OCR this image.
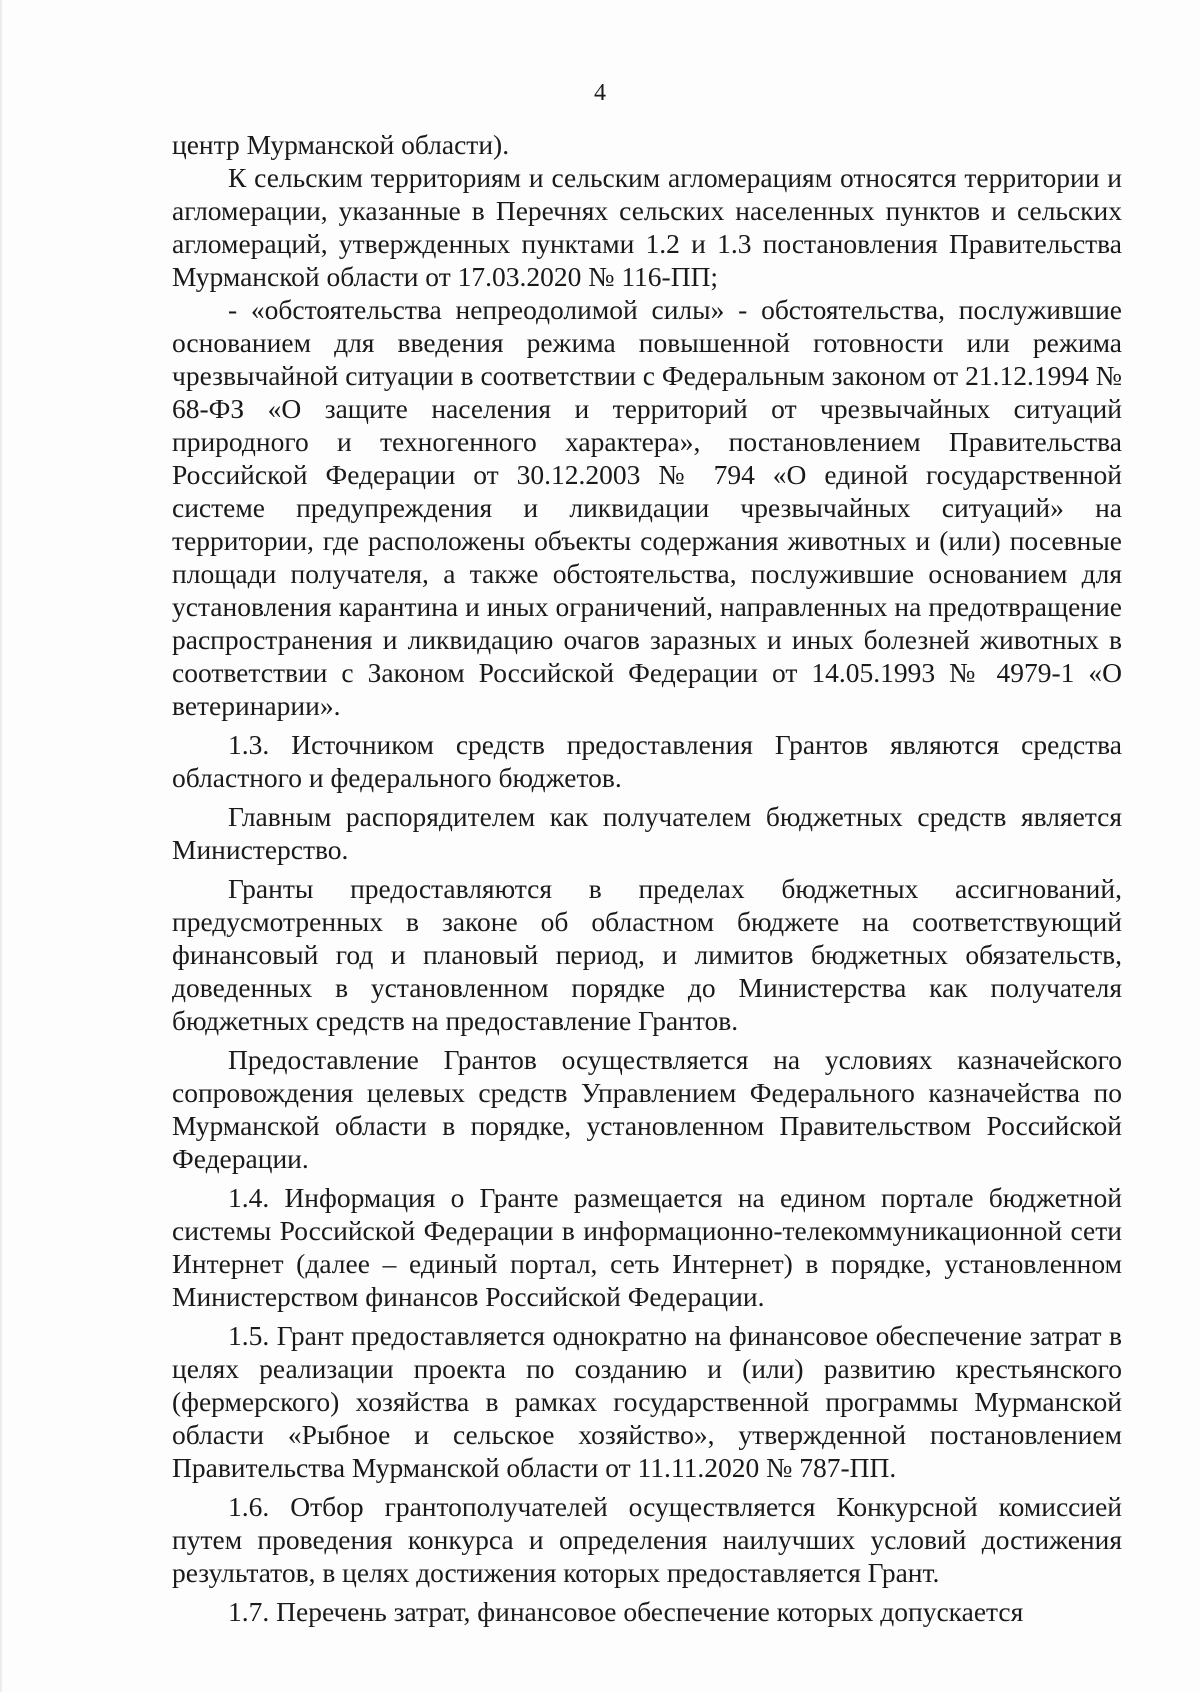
4

центр Мурманской области).

К сельским территориям и сельским агломерациям относятся территории и агломерации, указанные в Перечнях сельских населенных пунктов и сельских агломераций, утвержденных пунктами 1.2 и 1.3 постановления Правительства Мурманской области от 17.03.2020 № 116-ПП;

- «обстоятельства непреодолимой силы» - обстоятельства, послужившие основанием для введения режима повышенной готовности или режима чрезвычайной ситуации в соответствии с Федеральным законом от 21.12.1994 № 68-ФЗ «О защите населения и территорий от чрезвычайных ситуаций природного и техногенного характера», постановлением Правительства Российской Федерации от 30.12.2003 № 794 «О единой государственной системе предупреждения и ликвидации чрезвычайных ситуаций» на территории, где расположены объекты содержания животных и (или) посевные площади получателя, а также обстоятельства, послужившие основанием для установления карантина и иных ограничений, направленных на предотвращение распространения и ликвидацию очагов заразных и иных болезней животных в соответствии с Законом Российской Федерации от 14.05.1993 № 4979-1 «О ветеринарии».

1.3. Источником средств предоставления Грантов являются средства областного и федерального бюджетов.

Главным распорядителем как получателем бюджетных средств является Министерство.

Гранты предоставляются в пределах бюджетных ассигнований, предусмотренных в законе об областном бюджете на соответствующий финансовый год и плановый период, и лимитов бюджетных обязательств, доведенных в установленном порядке до Министерства как получателя бюджетных средств на предоставление Грантов.

Предоставление Грантов осуществляется на условиях казначейского сопровождения целевых средств Управлением Федерального казначейства по Мурманской области в порядке, установленном Правительством Российской Федерации.

1.4. Информация о Гранте размещается на едином портале бюджетной системы Российской Федерации в информационно-телекоммуникационной сети Интернет (далее – единый портал, сеть Интернет) в порядке, установленном Министерством финансов Российской Федерации.

1.5. Грант предоставляется однократно на финансовое обеспечение затрат в целях реализации проекта по созданию и (или) развитию крестьянского (фермерского) хозяйства в рамках государственной программы Мурманской области «Рыбное и сельское хозяйство», утвержденной постановлением Правительства Мурманской области от 11.11.2020 № 787-ПП.

1.6. Отбор грантополучателей осуществляется Конкурсной комиссией путем проведения конкурса и определения наилучших условий достижения результатов, в целях достижения которых предоставляется Грант.

1.7. Перечень затрат, финансовое обеспечение которых допускается
